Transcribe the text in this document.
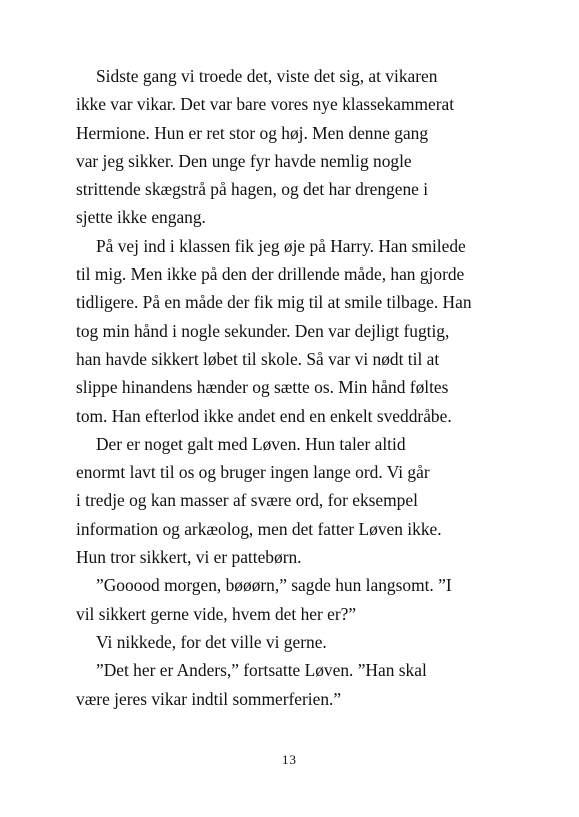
Sidste gang vi troede det, viste det sig, at vikaren
ikke var vikar. Det var bare vores nye klassekammerat
Hermione. Hun er ret stor og høj. Men denne gang
var jeg sikker. Den unge fyr havde nemlig nogle
strittende skægstrå på hagen, og det har drengene i
sjette ikke engang.
På vej ind i klassen fik jeg øje på Harry. Han smilede
til mig. Men ikke på den der drillende måde, han gjorde
tidligere. På en måde der fik mig til at smile tilbage. Han
tog min hånd i nogle sekunder. Den var dejligt fugtig,
han havde sikkert løbet til skole. Så var vi nødt til at
slippe hinandens hænder og sætte os. Min hånd føltes
tom. Han efterlod ikke andet end en enkelt sveddråbe.
Der er noget galt med Løven. Hun taler altid
enormt lavt til os og bruger ingen lange ord. Vi går
i tredje og kan masser af svære ord, for eksempel
information og arkæolog, men det fatter Løven ikke.
Hun tror sikkert, vi er pattebørn.
”Gooood morgen, bøøørn,” sagde hun langsomt. ”I
vil sikkert gerne vide, hvem det her er?”
Vi nikkede, for det ville vi gerne.
”Det her er Anders,” fortsatte Løven. ”Han skal
være jeres vikar indtil sommerferien.”
13
